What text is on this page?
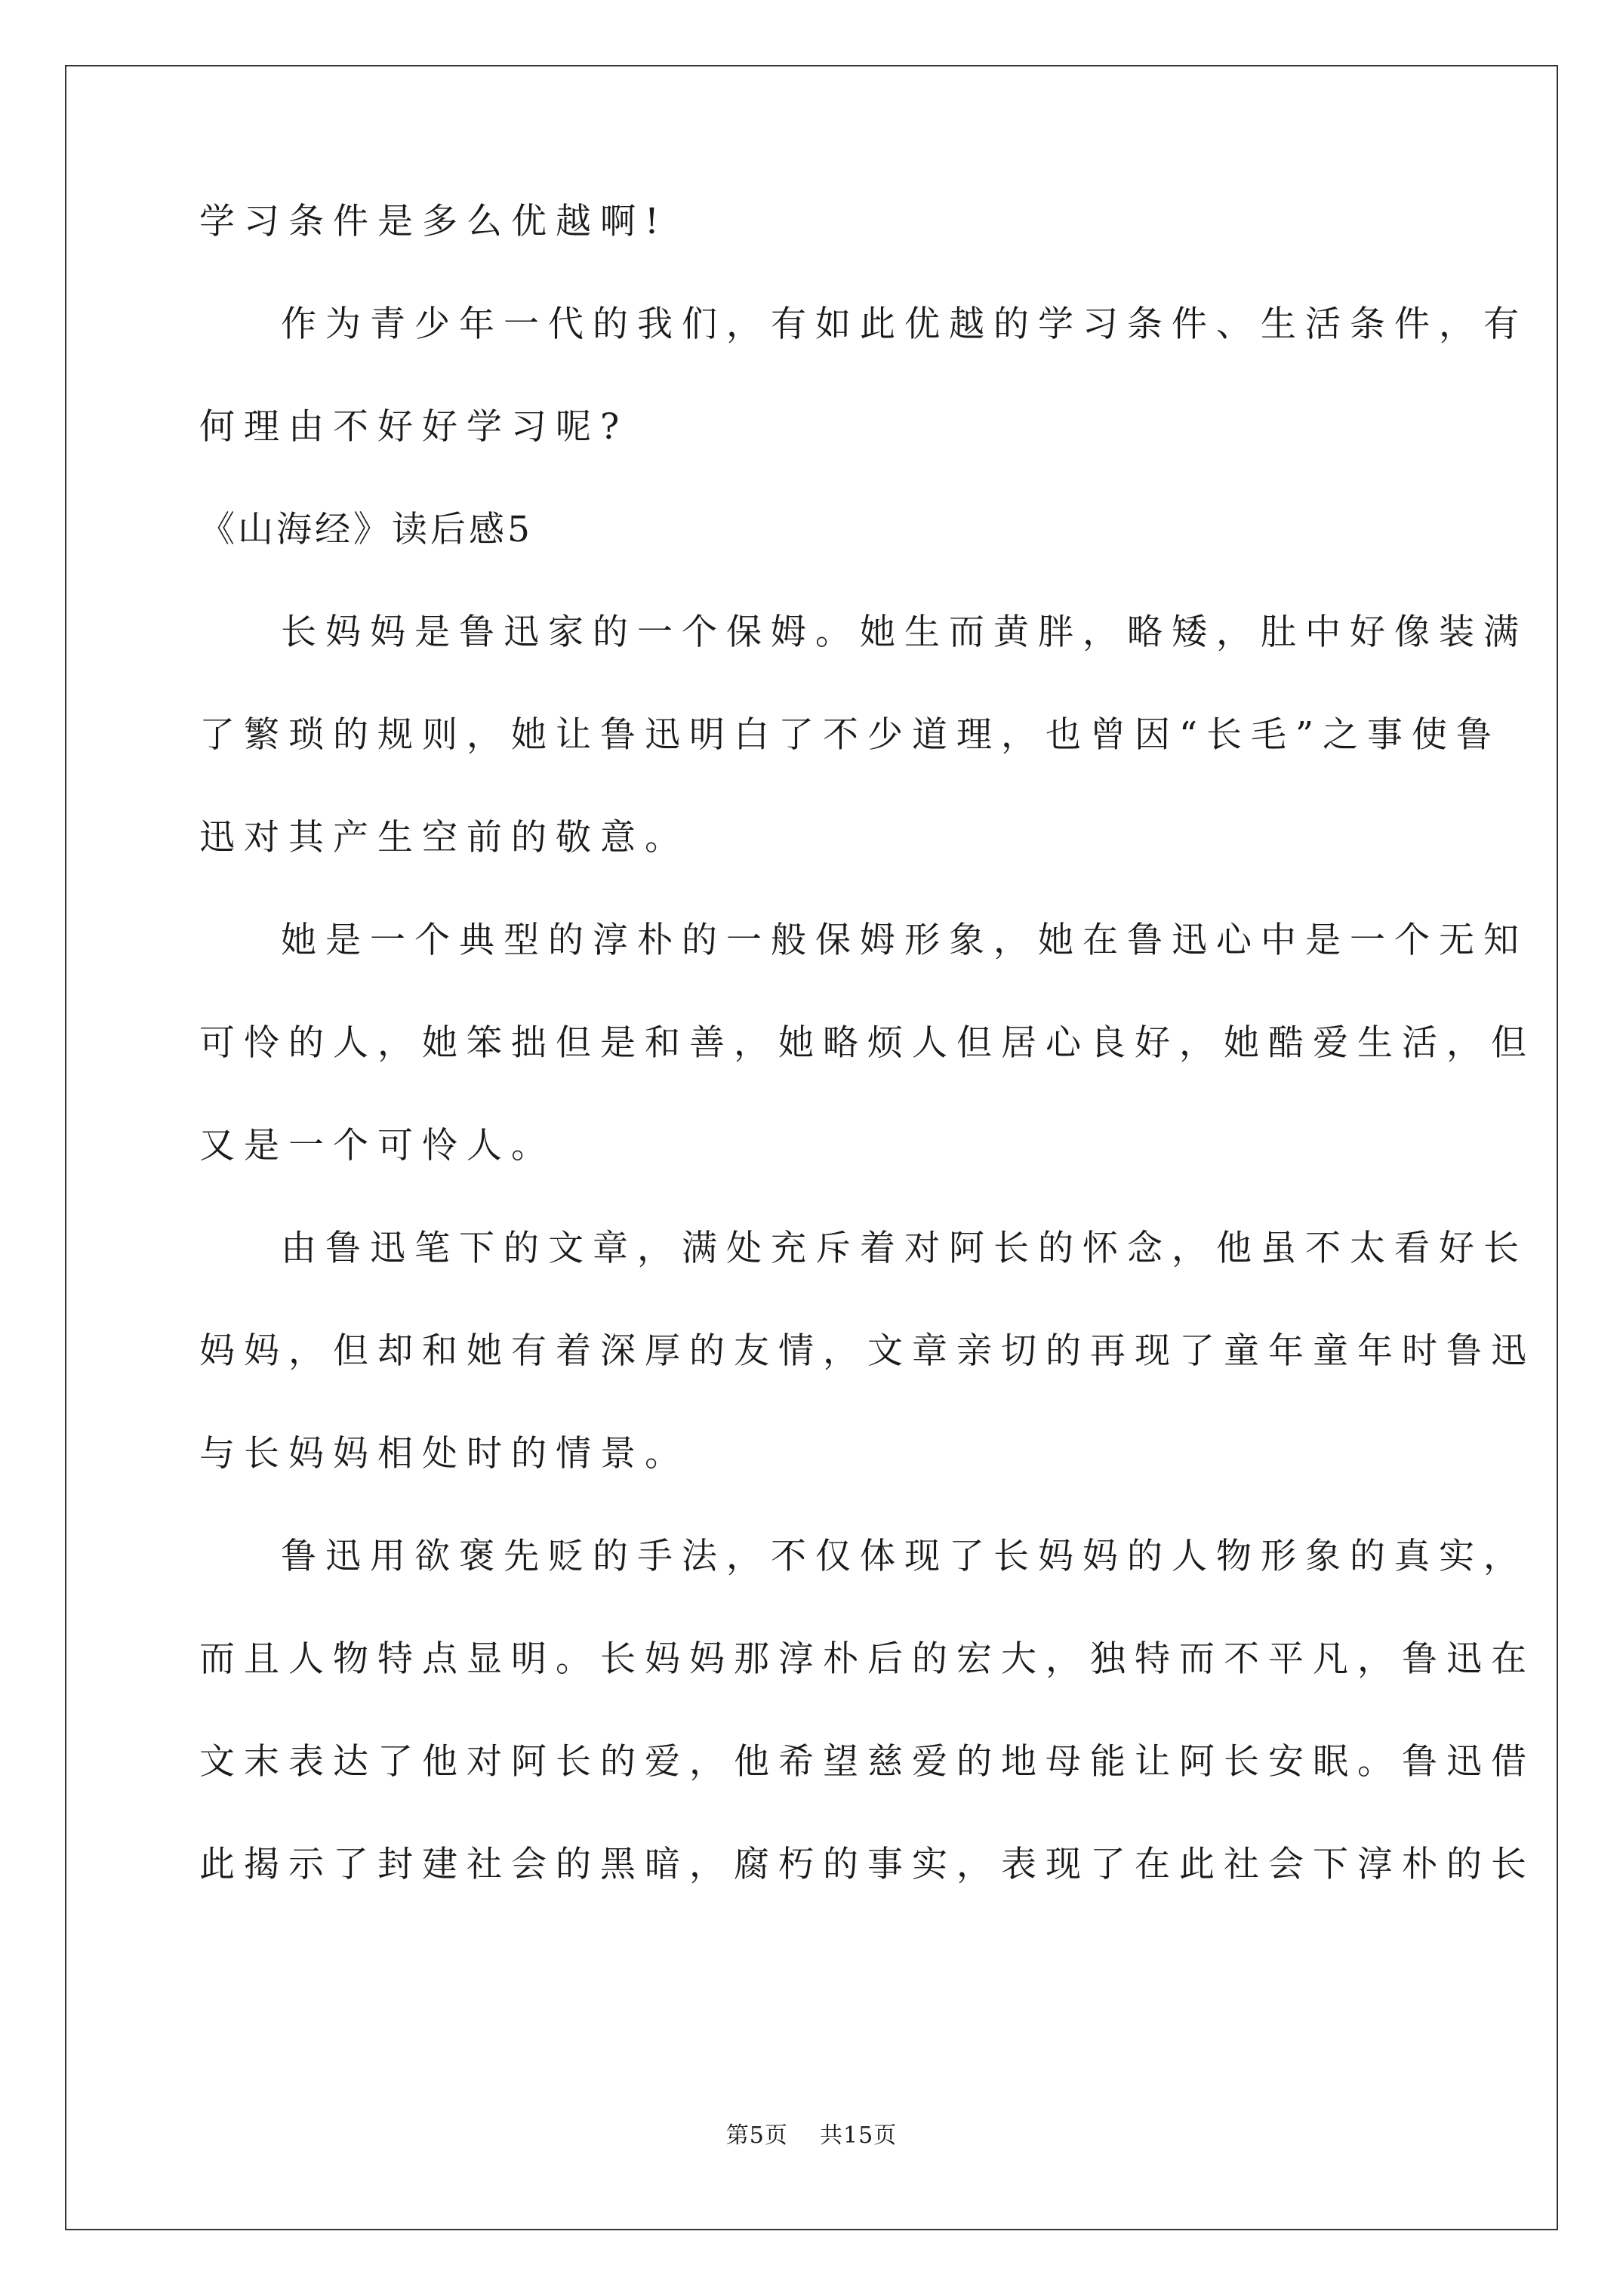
学习条件是多么优越啊!
作为青少年一代的我们，有如此优越的学习条件、生活条件，有
何理由不好好学习呢?
《山海经》读后感5
长妈妈是鲁迅家的一个保姆。她生而黄胖，略矮，肚中好像装满
了繁琐的规则，她让鲁迅明白了不少道理，也曾因“长毛”之事使鲁
迅对其产生空前的敬意。
她是一个典型的淳朴的一般保姆形象，她在鲁迅心中是一个无知
可怜的人，她笨拙但是和善，她略烦人但居心良好，她酷爱生活，但
又是一个可怜人。
由鲁迅笔下的文章，满处充斥着对阿长的怀念，他虽不太看好长
妈妈，但却和她有着深厚的友情，文章亲切的再现了童年童年时鲁迅
与长妈妈相处时的情景。
鲁迅用欲褒先贬的手法，不仅体现了长妈妈的人物形象的真实，
而且人物特点显明。长妈妈那淳朴后的宏大，独特而不平凡，鲁迅在
文末表达了他对阿长的爱，他希望慈爱的地母能让阿长安眠。鲁迅借
此揭示了封建社会的黑暗，腐朽的事实，表现了在此社会下淳朴的长
第5页 共15页
